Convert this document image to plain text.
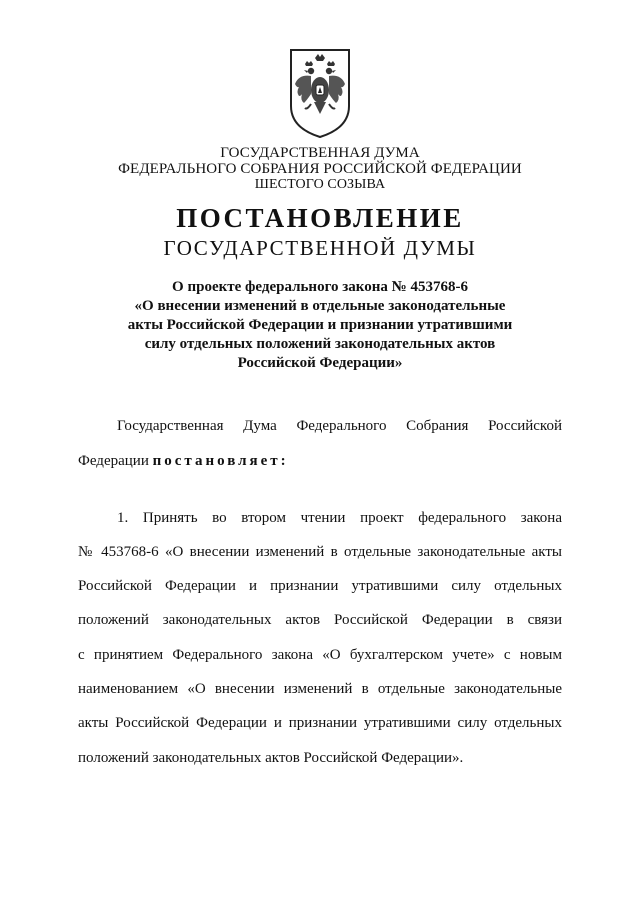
ГОСУДАРСТВЕННАЯ ДУМА
ФЕДЕРАЛЬНОГО СОБРАНИЯ РОССИЙСКОЙ ФЕДЕРАЦИИ
ШЕСТОГО СОЗЫВА
ПОСТАНОВЛЕНИЕ
ГОСУДАРСТВЕННОЙ ДУМЫ
О проекте федерального закона № 453768-6
«О внесении изменений в отдельные законодательные
акты Российской Федерации и признании утратившими
силу отдельных положений законодательных актов
Российской Федерации»
Государственная Дума Федерального Собрания Российской
Федерации постановляет:
1. Принять во втором чтении проект федерального закона
№ 453768-6 «О внесении изменений в отдельные законодательные акты
Российской Федерации и признании утратившими силу отдельных
положений законодательных актов Российской Федерации в связи
с принятием Федерального закона «О бухгалтерском учете» с новым
наименованием «О внесении изменений в отдельные законодательные
акты Российской Федерации и признании утратившими силу отдельных
положений законодательных актов Российской Федерации».
